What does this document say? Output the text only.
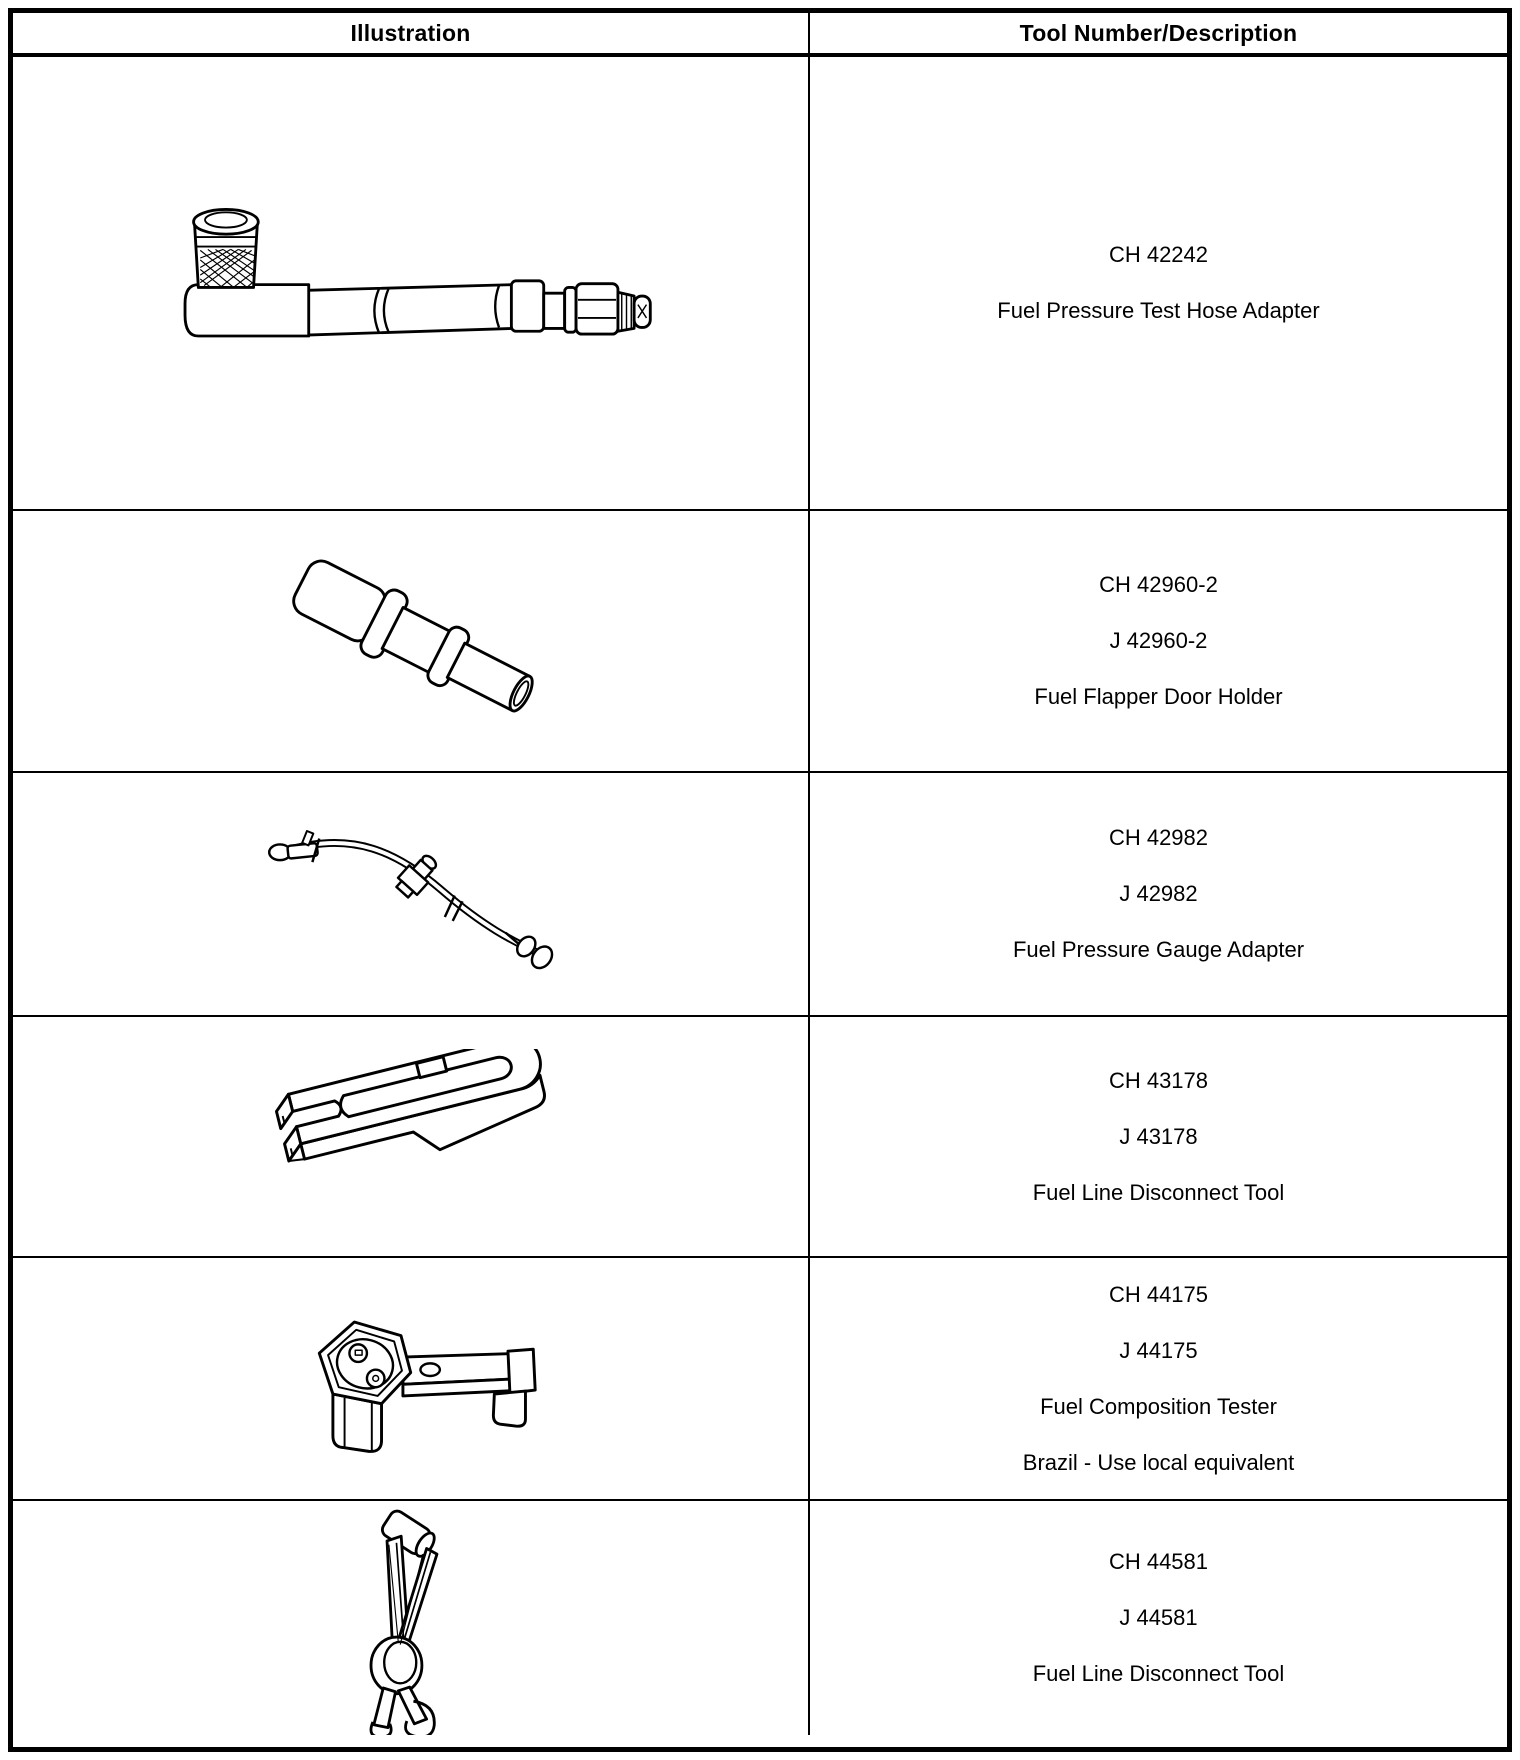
Illustration	Tool Number/Description
CH 42242
Fuel Pressure Test Hose Adapter
CH 42960-2
J 42960-2
Fuel Flapper Door Holder
CH 42982
J 42982
Fuel Pressure Gauge Adapter
CH 43178
J 43178
Fuel Line Disconnect Tool
CH 44175
J 44175
Fuel Composition Tester
Brazil - Use local equivalent
CH 44581
J 44581
Fuel Line Disconnect Tool
